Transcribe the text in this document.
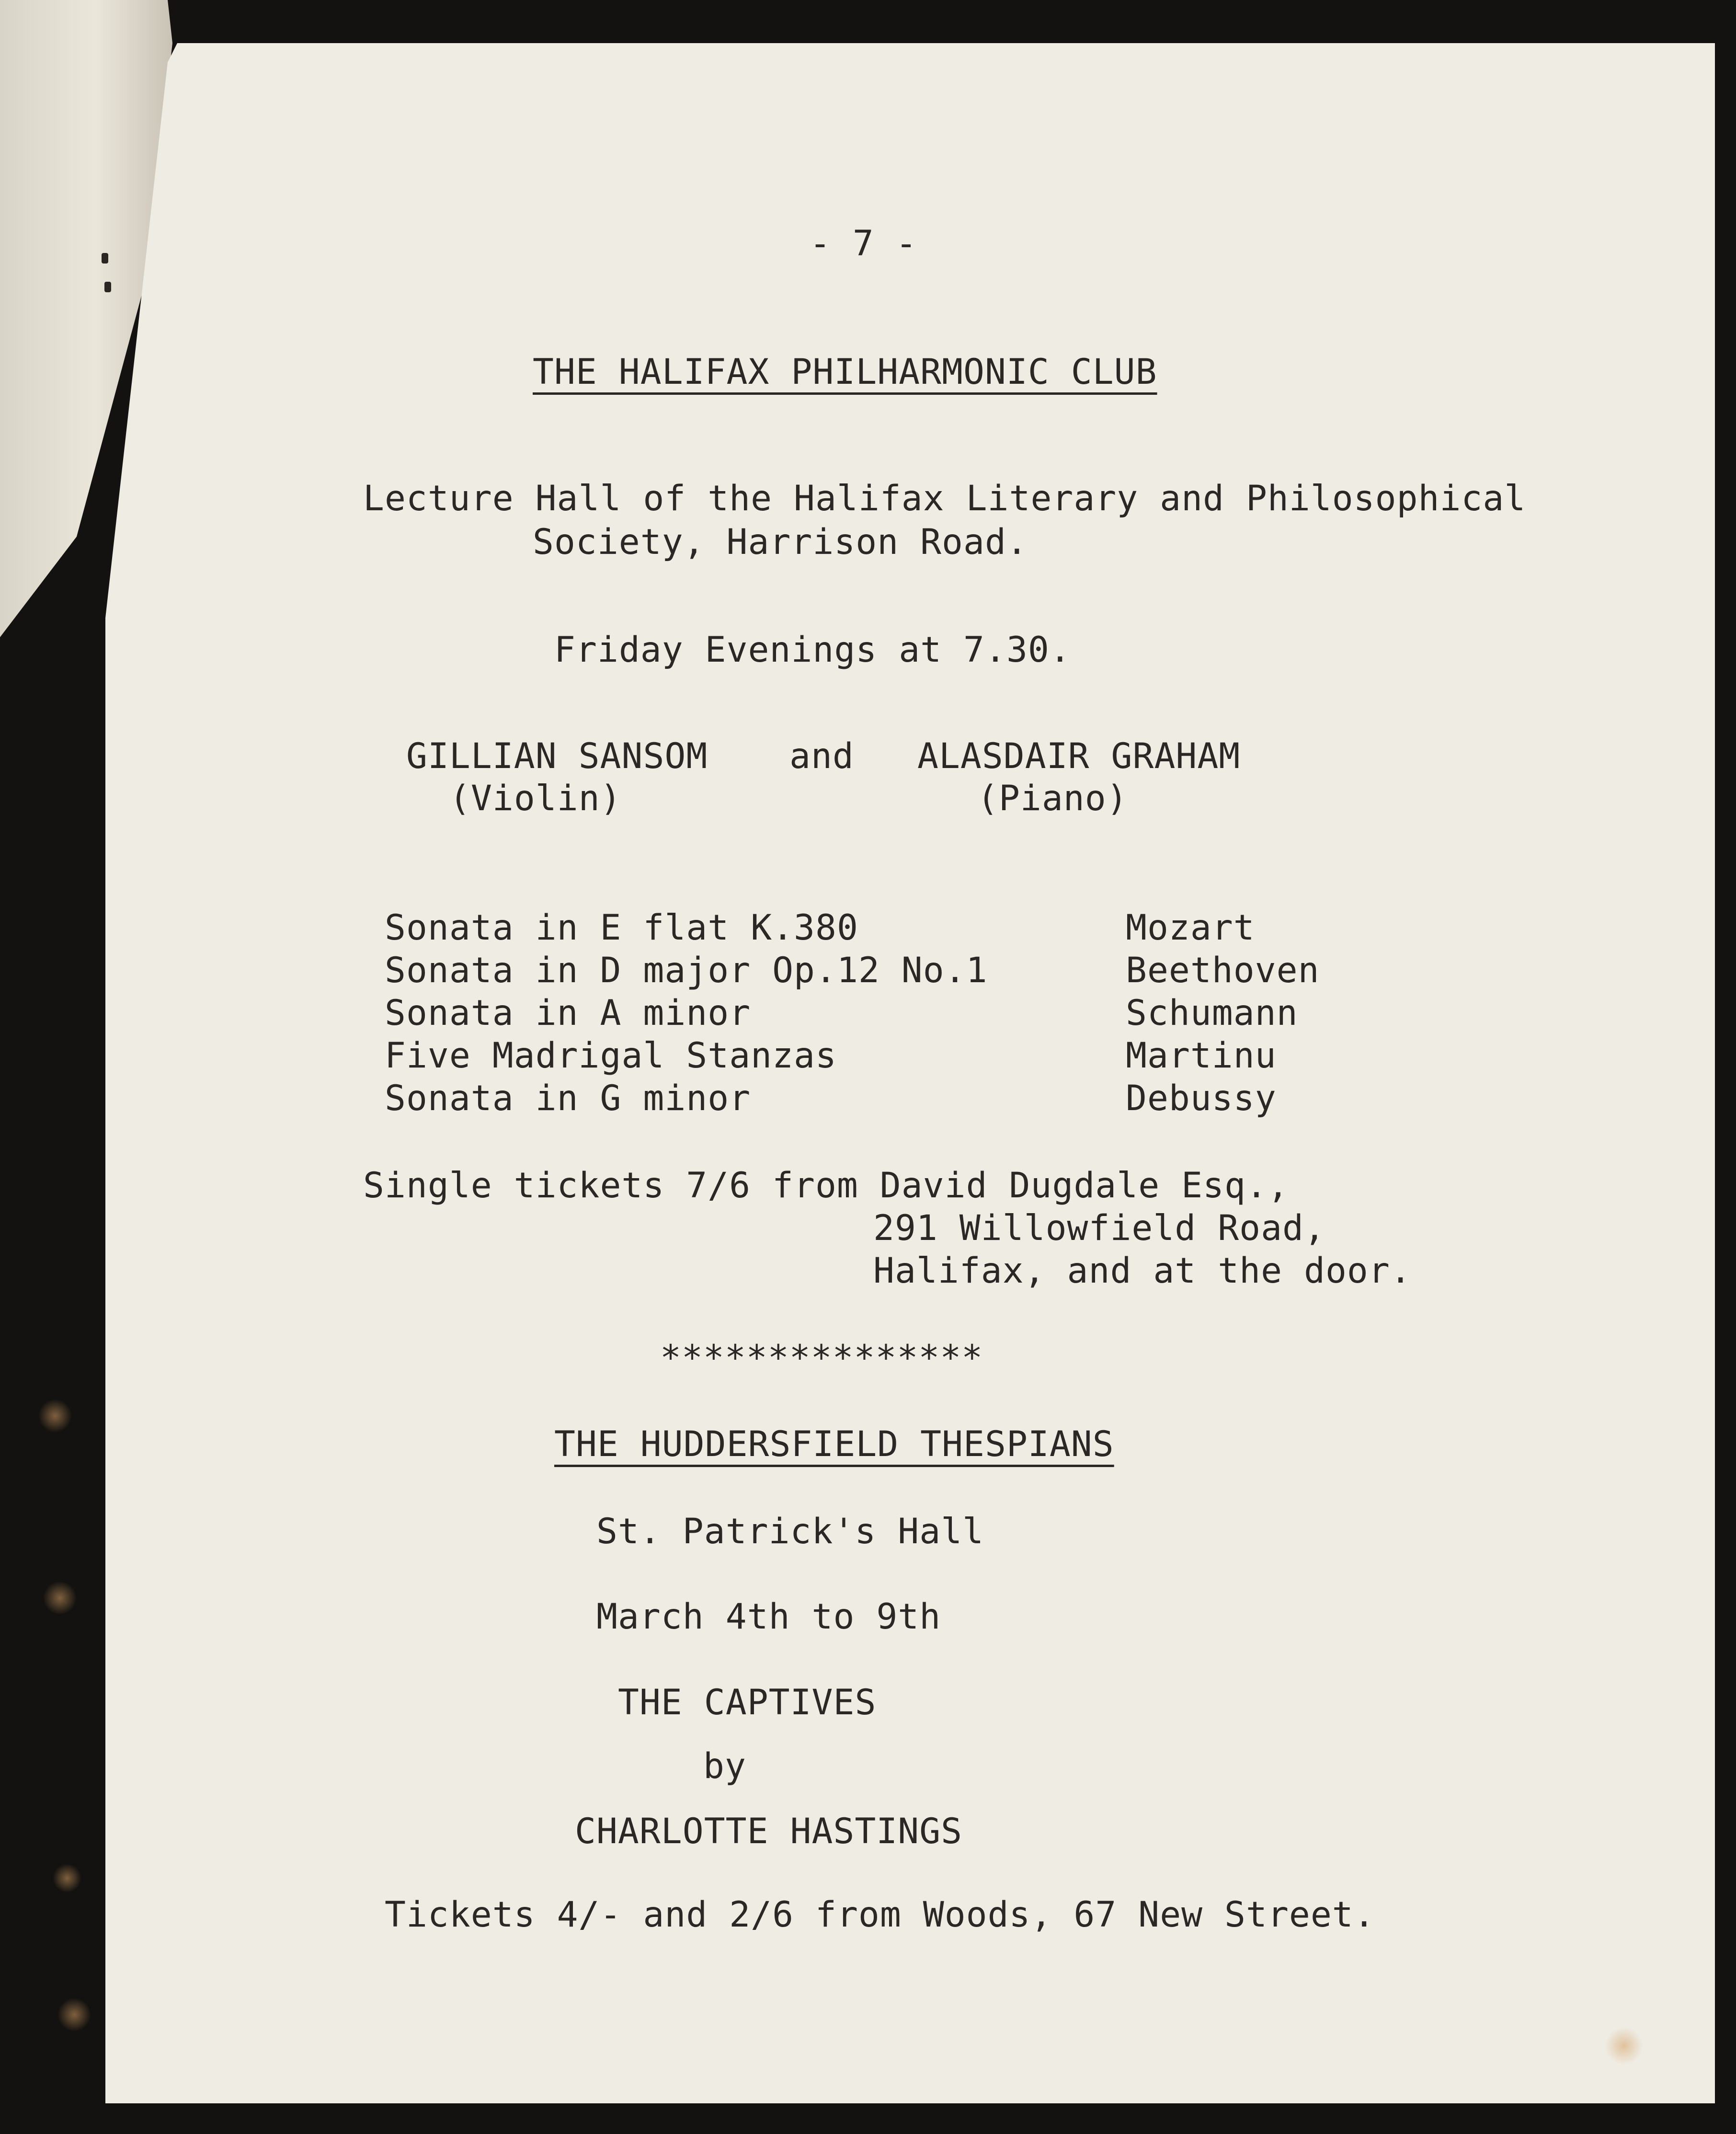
- 7 -

THE HALIFAX PHILHARMONIC CLUB

Lecture Hall of the Halifax Literary and Philosophical

Society, Harrison Road.

Friday Evenings at 7.30.

GILLIAN SANSOM and ALASDAIR GRAHAM

(Violin)	(Piano)

Sonata in E flat K.380	Mozart

Sonata in D major Op.12 No.1	Beethoven

Sonata in A minor	Schumann

Five Madrigal Stanzas	Martinu

Sonata in G minor	Debussy

Single tickets 7/6 from David Dugdale Esq.,

291 Willowfield Road,

Halifax, and at the door.

***************

THE HUDDERSFIELD THESPIANS

St. Patrick's Hall

March 4th to 9th

THE CAPTIVES

by

CHARLOTTE HASTINGS

Tickets 4/- and 2/6 from Woods, 67 New Street.
